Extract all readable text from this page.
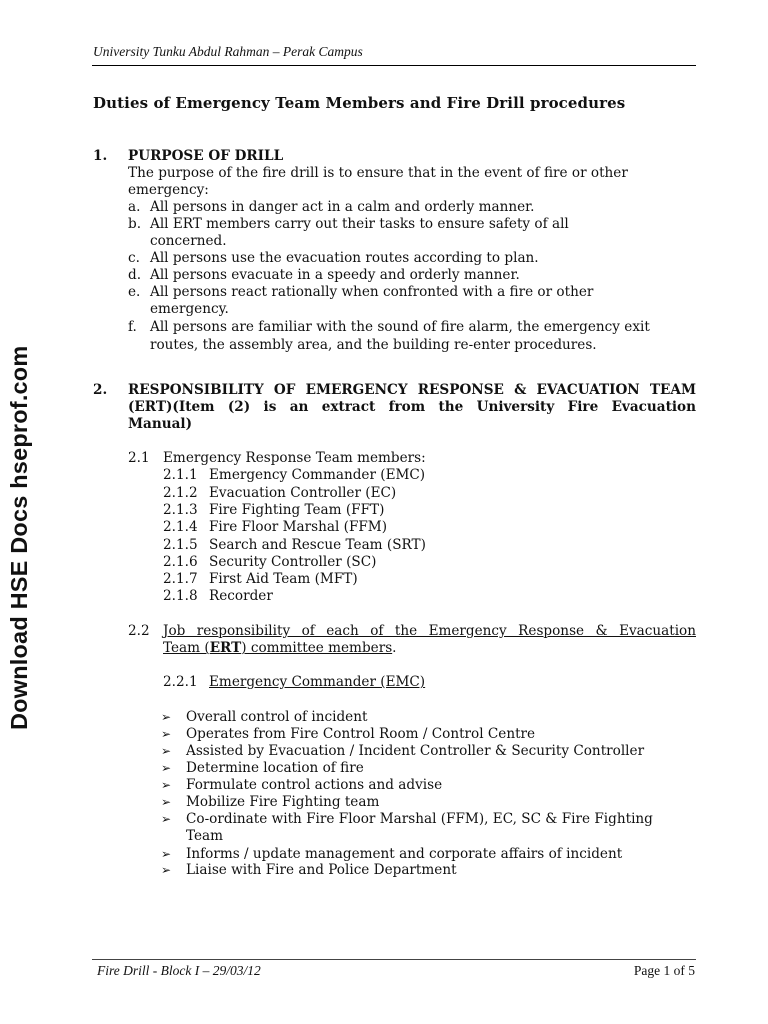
University Tunku Abdul Rahman – Perak Campus
Download HSE Docs hseprof.com
Duties of Emergency Team Members and Fire Drill procedures
1. PURPOSE OF DRILL
The purpose of the fire drill is to ensure that in the event of fire or other
emergency:
a. All persons in danger act in a calm and orderly manner.
b. All ERT members carry out their tasks to ensure safety of all
concerned.
c. All persons use the evacuation routes according to plan.
d. All persons evacuate in a speedy and orderly manner.
e. All persons react rationally when confronted with a fire or other
emergency.
f. All persons are familiar with the sound of fire alarm, the emergency exit
routes, the assembly area, and the building re-enter procedures.
2. RESPONSIBILITY OF EMERGENCY RESPONSE & EVACUATION TEAM
(ERT)(Item (2) is an extract from the University Fire Evacuation
Manual)
2.1 Emergency Response Team members:
2.1.1 Emergency Commander (EMC)
2.1.2 Evacuation Controller (EC)
2.1.3 Fire Fighting Team (FFT)
2.1.4 Fire Floor Marshal (FFM)
2.1.5 Search and Rescue Team (SRT)
2.1.6 Security Controller (SC)
2.1.7 First Aid Team (MFT)
2.1.8 Recorder
2.2 Job responsibility of each of the Emergency Response & Evacuation
Team (ERT) committee members.
2.2.1 Emergency Commander (EMC)
➢ Overall control of incident
➢ Operates from Fire Control Room / Control Centre
➢ Assisted by Evacuation / Incident Controller & Security Controller
➢ Determine location of fire
➢ Formulate control actions and advise
➢ Mobilize Fire Fighting team
➢ Co-ordinate with Fire Floor Marshal (FFM), EC, SC & Fire Fighting
Team
➢ Informs / update management and corporate affairs of incident
➢ Liaise with Fire and Police Department
Fire Drill - Block I – 29/03/12	Page 1 of 5
